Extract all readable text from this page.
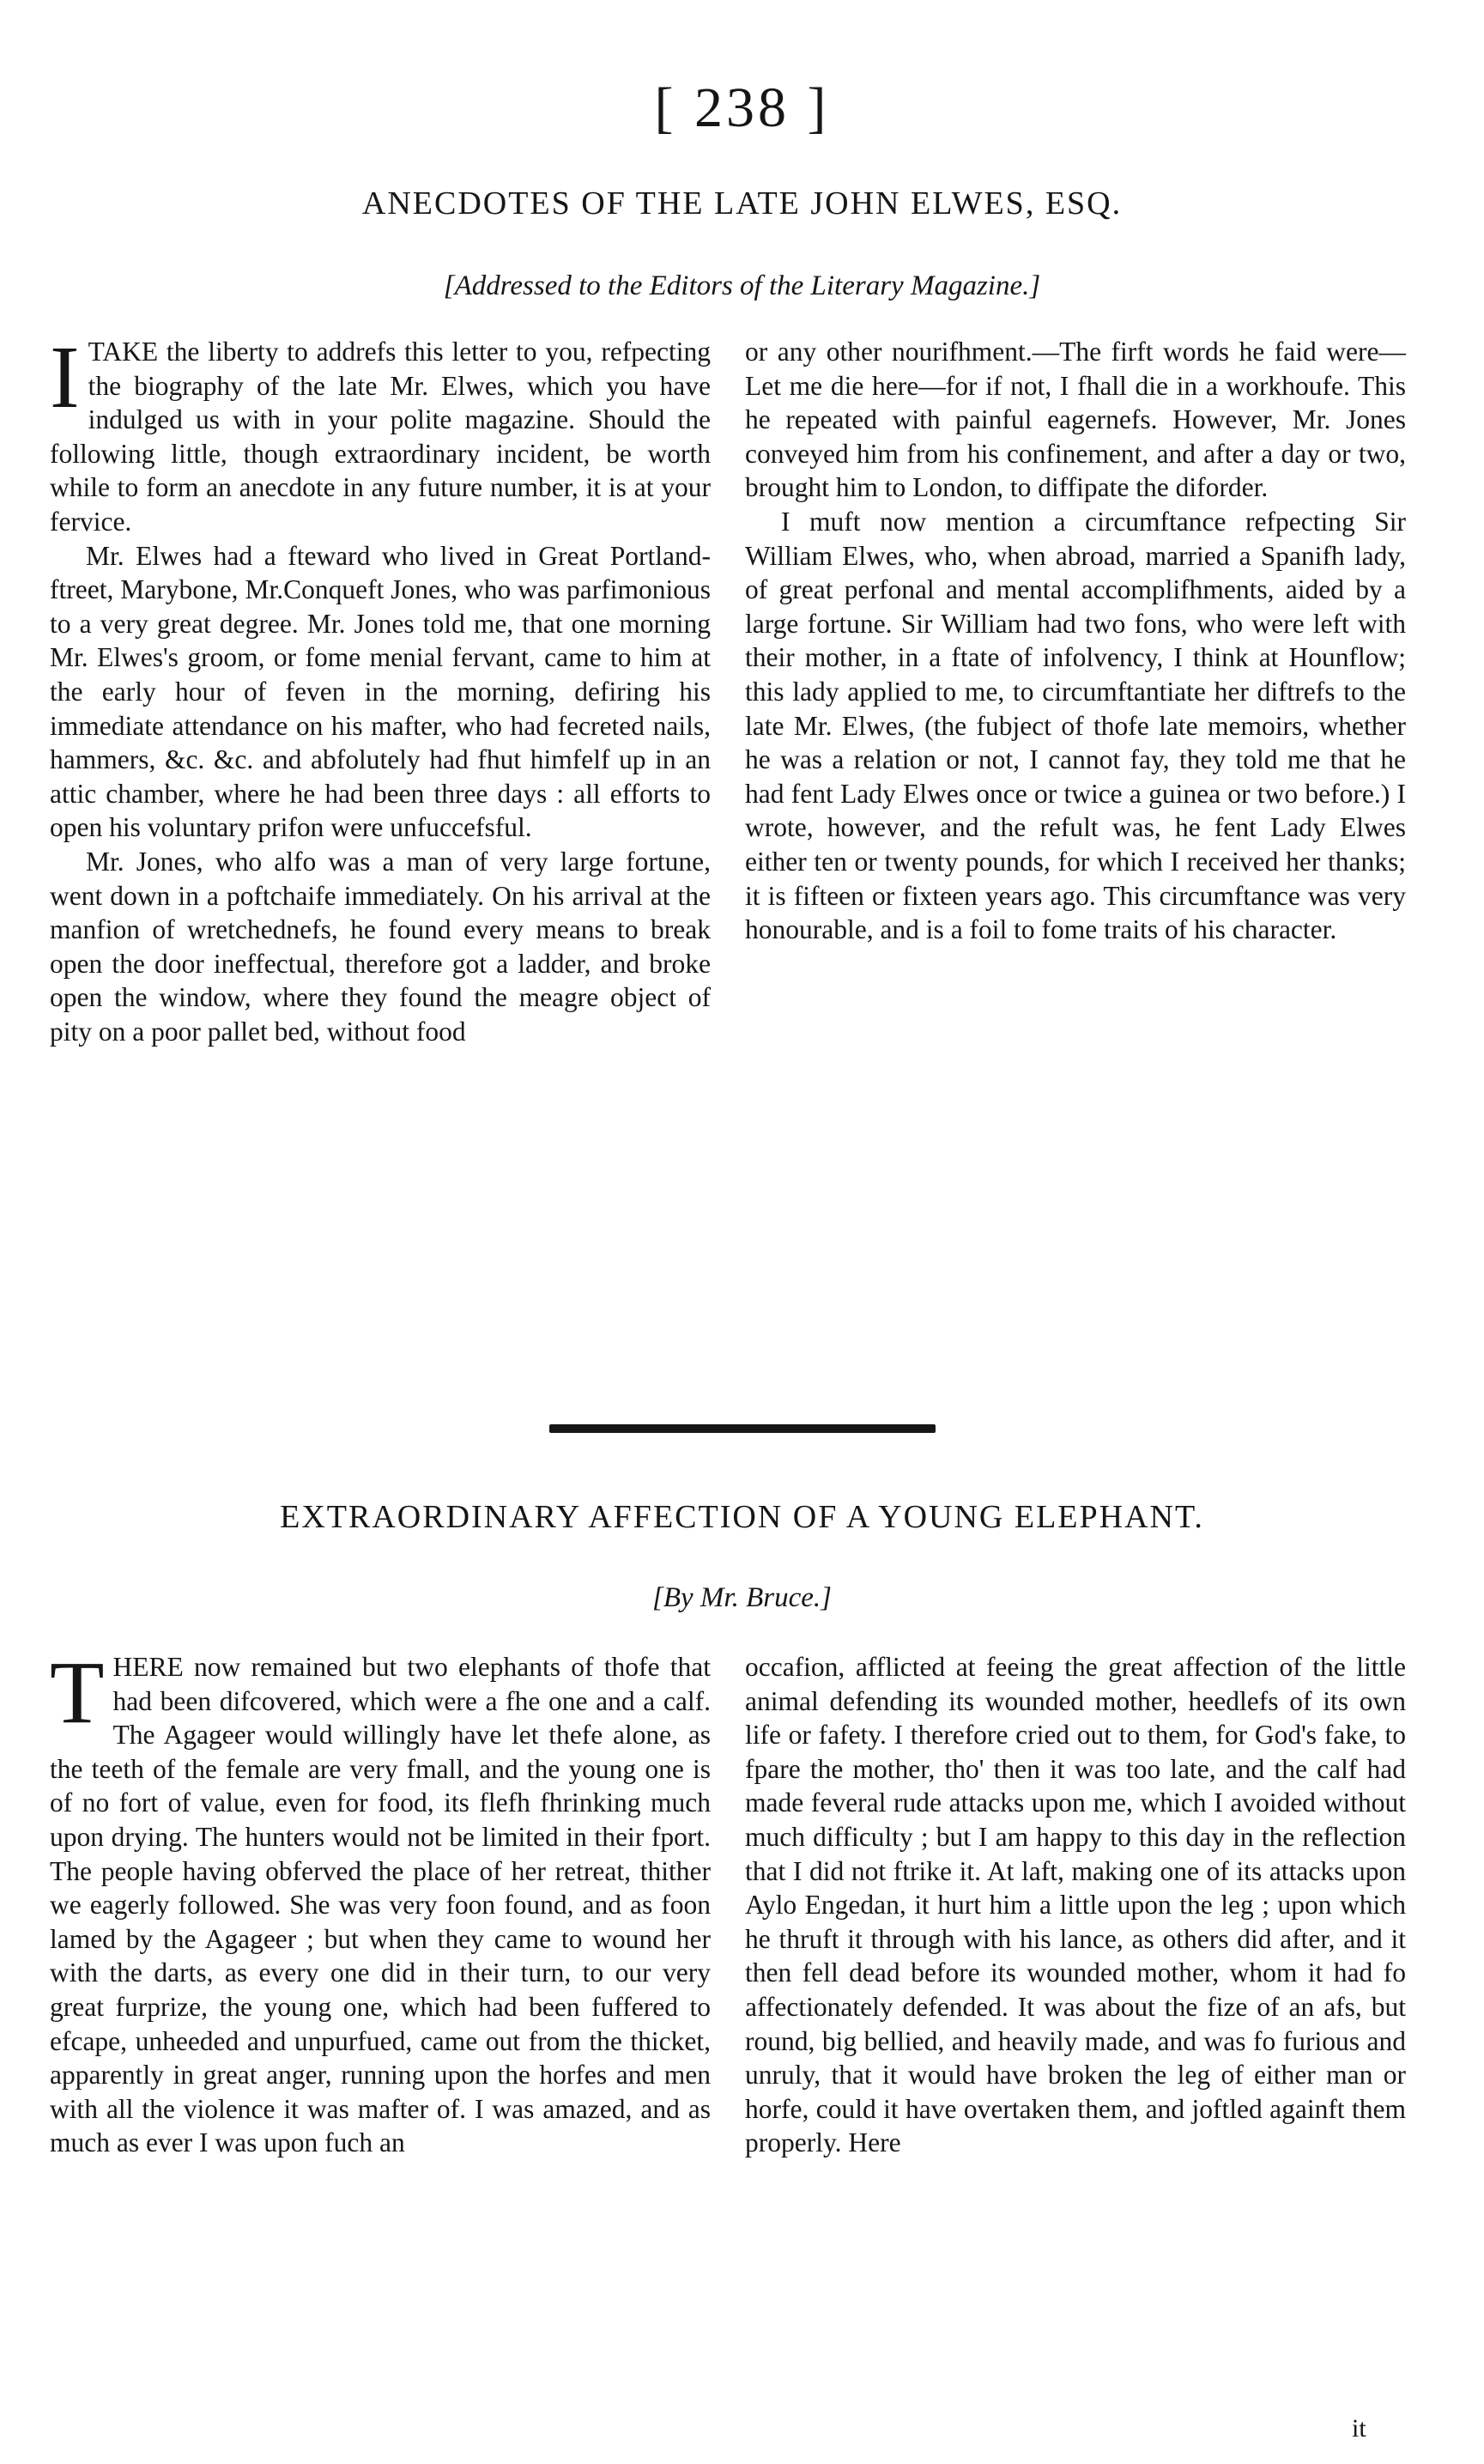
[ 238 ]
ANECDOTES OF THE LATE JOHN ELWES, ESQ.
[Addressed to the Editors of the Literary Magazine.]

ITAKE the liberty to addrefs this letter to you, refpecting the biography of the late Mr. Elwes, which you have indulged us with in your polite magazine. Should the following little, though extraordinary incident, be worth while to form an anecdote in any future number, it is at your fervice.

Mr. Elwes had a fteward who lived in Great Portland-ftreet, Marybone, Mr.Conqueft Jones, who was parfimonious to a very great degree. Mr. Jones told me, that one morning Mr. Elwes's groom, or fome menial fervant, came to him at the early hour of feven in the morning, defiring his immediate attendance on his mafter, who had fecreted nails, hammers, &c. &c. and abfolutely had fhut himfelf up in an attic chamber, where he had been three days : all efforts to open his voluntary prifon were unfuccefsful.

Mr. Jones, who alfo was a man of very large fortune, went down in a poftchaife immediately. On his arrival at the manfion of wretchednefs, he found every means to break open the door ineffectual, therefore got a ladder, and broke open the window, where they found the meagre object of pity on a poor pallet bed, without food

or any other nourifhment.—The firft words he faid were—Let me die here—for if not, I fhall die in a workhoufe. This he repeated with painful eagernefs. However, Mr. Jones conveyed him from his confinement, and after a day or two, brought him to London, to diffipate the diforder.

I muft now mention a circumftance refpecting Sir William Elwes, who, when abroad, married a Spanifh lady, of great perfonal and mental accomplifhments, aided by a large fortune. Sir William had two fons, who were left with their mother, in a ftate of infolvency, I think at Hounflow; this lady applied to me, to circumftantiate her diftrefs to the late Mr. Elwes, (the fubject of thofe late memoirs, whether he was a relation or not, I cannot fay, they told me that he had fent Lady Elwes once or twice a guinea or two before.) I wrote, however, and the refult was, he fent Lady Elwes either ten or twenty pounds, for which I received her thanks; it is fifteen or fixteen years ago. This circumftance was very honourable, and is a foil to fome traits of his character.

EXTRAORDINARY AFFECTION OF A YOUNG ELEPHANT.
[By Mr. Bruce.]

THERE now remained but two elephants of thofe that had been difcovered, which were a fhe one and a calf. The Agageer would willingly have let thefe alone, as the teeth of the female are very fmall, and the young one is of no fort of value, even for food, its flefh fhrinking much upon drying. The hunters would not be limited in their fport. The people having obferved the place of her retreat, thither we eagerly followed. She was very foon found, and as foon lamed by the Agageer ; but when they came to wound her with the darts, as every one did in their turn, to our very great furprize, the young one, which had been fuffered to efcape, unheeded and unpurfued, came out from the thicket, apparently in great anger, running upon the horfes and men with all the violence it was mafter of. I was amazed, and as much as ever I was upon fuch an

occafion, afflicted at feeing the great affection of the little animal defending its wounded mother, heedlefs of its own life or fafety. I therefore cried out to them, for God's fake, to fpare the mother, tho' then it was too late, and the calf had made feveral rude attacks upon me, which I avoided without much difficulty ; but I am happy to this day in the reflection that I did not ftrike it. At laft, making one of its attacks upon Aylo Engedan, it hurt him a little upon the leg ; upon which he thruft it through with his lance, as others did after, and it then fell dead before its wounded mother, whom it had fo affectionately defended. It was about the fize of an afs, but round, big bellied, and heavily made, and was fo furious and unruly, that it would have broken the leg of either man or horfe, could it have overtaken them, and joftled againft them properly. Here

it
